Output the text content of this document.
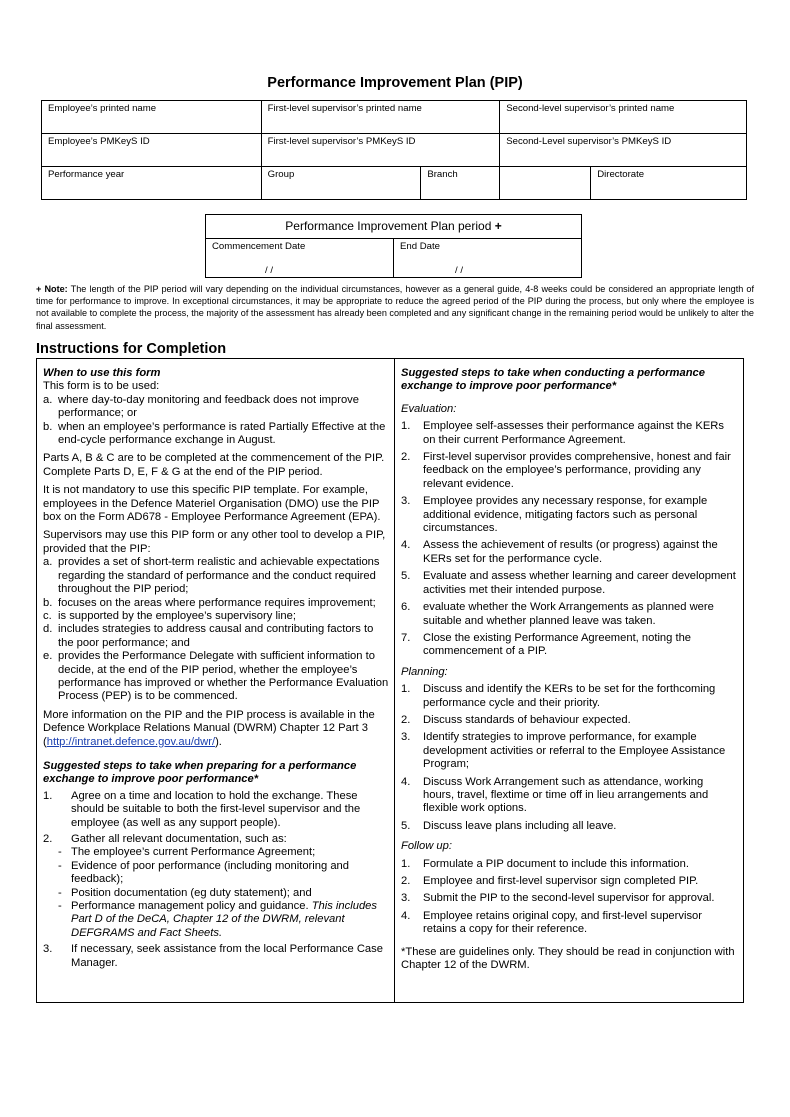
Performance Improvement Plan (PIP)
Employee’s printed name	First-level supervisor’s printed name		Second-level supervisor’s printed name
Employee’s PMKeyS ID	First-level supervisor’s PMKeyS ID		Second-Level supervisor’s PMKeyS ID
Performance year	Group	Branch	Directorate
Performance Improvement Plan period +
Commencement Date
/ /
End Date
/ /
+ Note: The length of the PIP period will vary depending on the individual circumstances, however as a general guide, 4-8 weeks could be considered an appropriate length of time for performance to improve. In exceptional circumstances, it may be appropriate to reduce the agreed period of the PIP during the process, but only where the employee is not available to complete the process, the majority of the assessment has already been completed and any significant change in the remaining period would be unlikely to alter the final assessment.
Instructions for Completion

When to use this form

This form is to be used:

a. where day-to-day monitoring and feedback does not improve performance; or
b. when an employee’s performance is rated Partially Effective at the end-cycle performance exchange in August.

Parts A, B & C are to be completed at the commencement of the PIP. Complete Parts D, E, F & G at the end of the PIP period.

It is not mandatory to use this specific PIP template. For example, employees in the Defence Materiel Organisation (DMO) use the PIP box on the Form AD678 - Employee Performance Agreement (EPA).

Supervisors may use this PIP form or any other tool to develop a PIP, provided that the PIP:

a. provides a set of short-term realistic and achievable expectations regarding the standard of performance and the conduct required throughout the PIP period;
b. focuses on the areas where performance requires improvement;
c. is supported by the employee’s supervisory line;
d. includes strategies to address causal and contributing factors to the poor performance; and
e. provides the Performance Delegate with sufficient information to decide, at the end of the PIP period, whether the employee’s performance has improved or whether the Performance Evaluation Process (PEP) is to be commenced.

More information on the PIP and the PIP process is available in the Defence Workplace Relations Manual (DWRM) Chapter 12 Part 3 (http://intranet.defence.gov.au/dwr/).

Suggested steps to take when preparing for a performance exchange to improve poor performance*

1.	Agree on a time and location to hold the exchange. These should be suitable to both the first-level supervisor and the employee (as well as any support people).
2.	Gather all relevant documentation, such as:
- The employee’s current Performance Agreement;
- Evidence of poor performance (including monitoring and feedback);
- Position documentation (eg duty statement); and
- Performance management policy and guidance. This includes Part D of the DeCA, Chapter 12 of the DWRM, relevant DEFGRAMS and Fact Sheets.
3.	If necessary, seek assistance from the local Performance Case Manager.

Suggested steps to take when conducting a performance exchange to improve poor performance*

Evaluation:

1.	Employee self-assesses their performance against the KERs on their current Performance Agreement.
2.	First-level supervisor provides comprehensive, honest and fair feedback on the employee’s performance, providing any relevant evidence.
3.	Employee provides any necessary response, for example additional evidence, mitigating factors such as personal circumstances.
4.	Assess the achievement of results (or progress) against the KERs set for the performance cycle.
5.	Evaluate and assess whether learning and career development activities met their intended purpose.
6.	evaluate whether the Work Arrangements as planned were suitable and whether planned leave was taken.
7.	Close the existing Performance Agreement, noting the commencement of a PIP.

Planning:

1.	Discuss and identify the KERs to be set for the forthcoming performance cycle and their priority.
2.	Discuss standards of behaviour expected.
3.	Identify strategies to improve performance, for example development activities or referral to the Employee Assistance Program;
4.	Discuss Work Arrangement such as attendance, working hours, travel, flextime or time off in lieu arrangements and flexible work options.
5.	Discuss leave plans including all leave.

Follow up:

1.	Formulate a PIP document to include this information.
2.	Employee and first-level supervisor sign completed PIP.
3.	Submit the PIP to the second-level supervisor for approval.
4.	Employee retains original copy, and first-level supervisor retains a copy for their reference.

*These are guidelines only. They should be read in conjunction with Chapter 12 of the DWRM.
